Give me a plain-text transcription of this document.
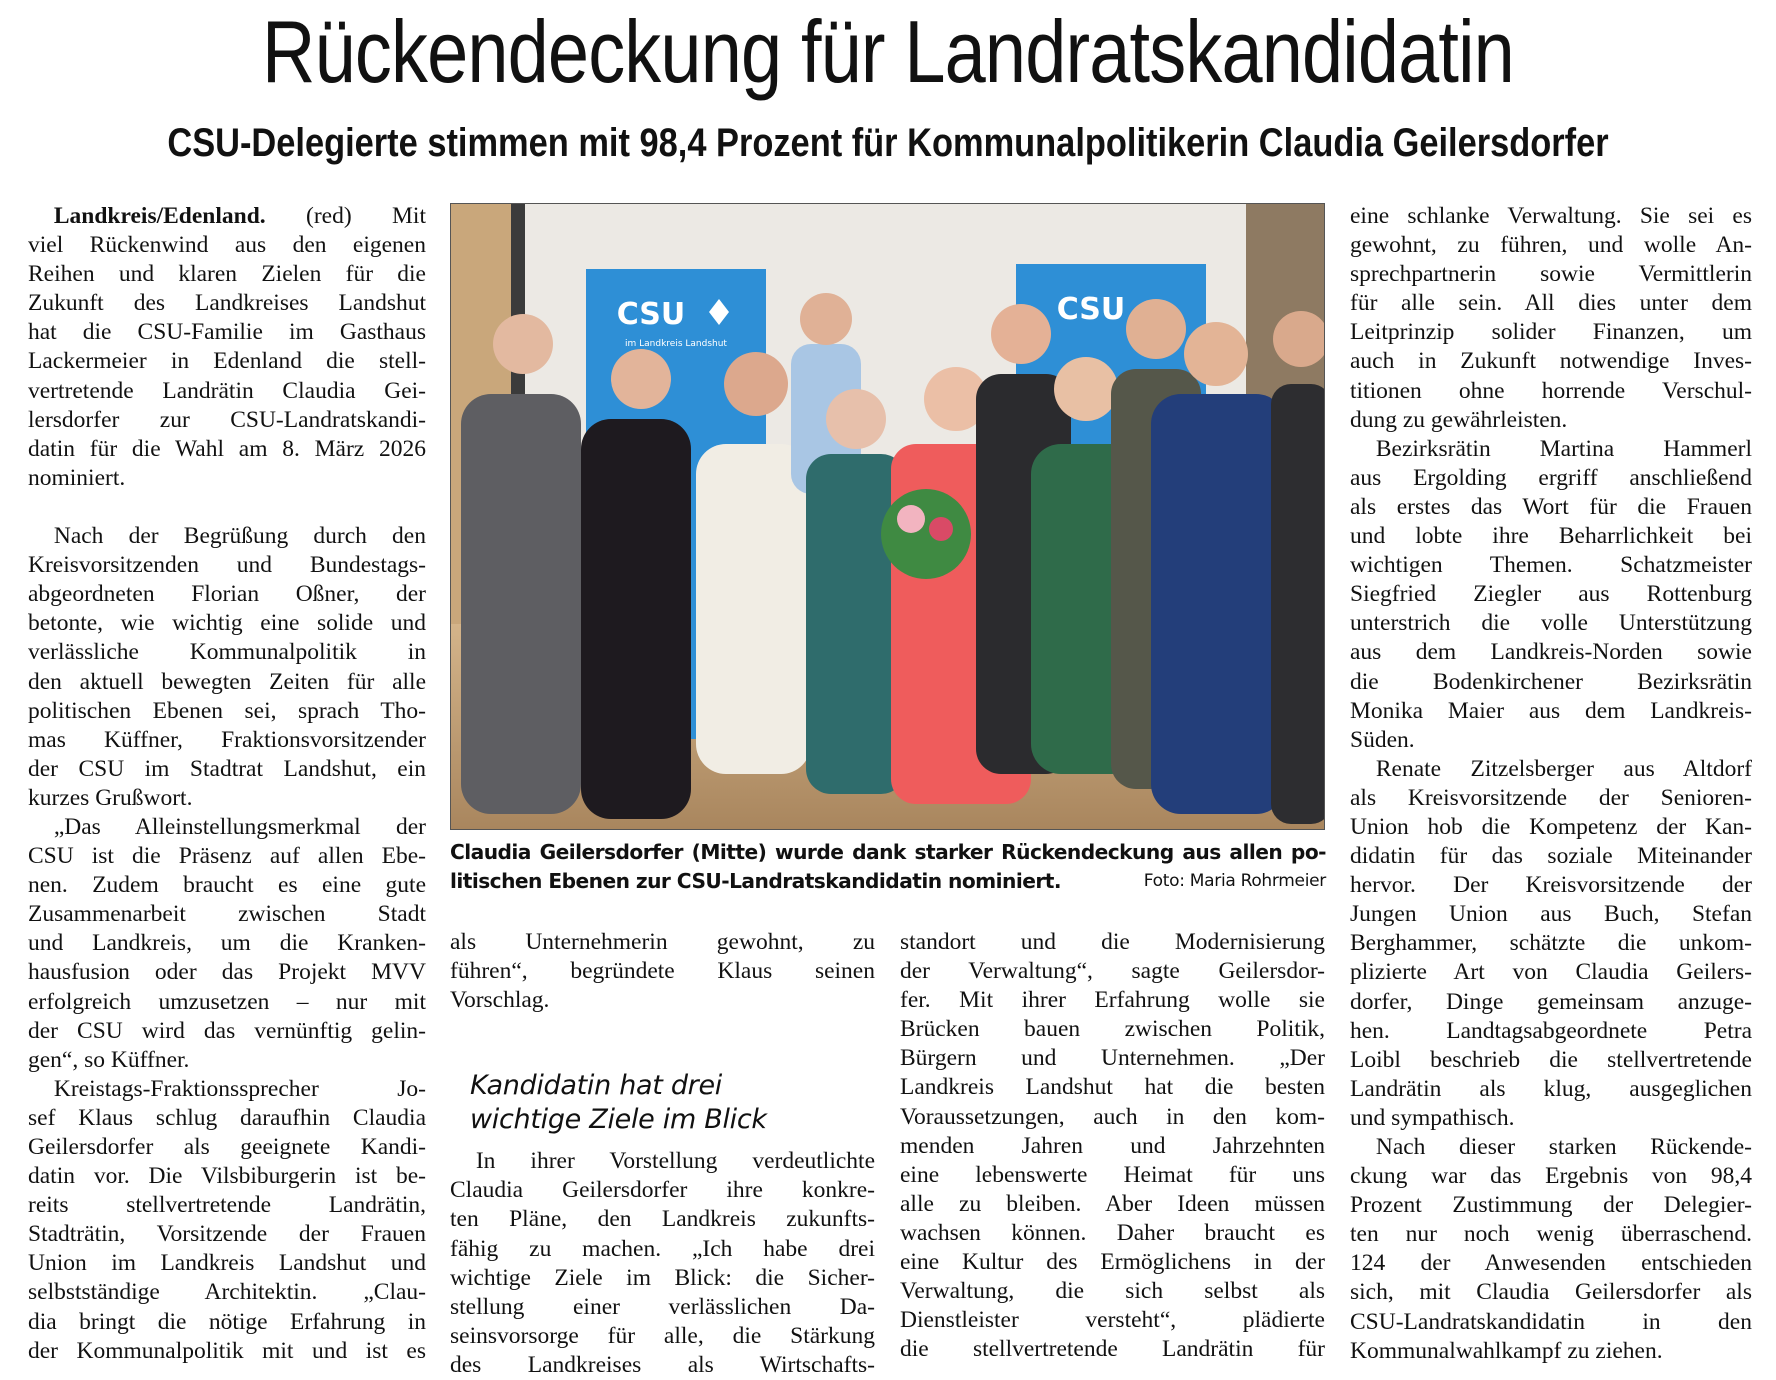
Rückendeckung für Landratskandidatin
CSU-Delegierte stimmen mit 98,4 Prozent für Kommunalpolitikerin Claudia Geilersdorfer
Landkreis/Edenland. (red) Mit
viel Rückenwind aus den eigenen
Reihen und klaren Zielen für die
Zukunft des Landkreises Landshut
hat die CSU-Familie im Gasthaus
Lackermeier in Edenland die stell-
vertretende Landrätin Claudia Gei-
lersdorfer zur CSU-Landratskandi-
datin für die Wahl am 8. März 2026
nominiert.

Nach der Begrüßung durch den
Kreisvorsitzenden und Bundestags-
abgeordneten Florian Oßner, der
betonte, wie wichtig eine solide und
verlässliche Kommunalpolitik in
den aktuell bewegten Zeiten für alle
politischen Ebenen sei, sprach Tho-
mas Küffner, Fraktionsvorsitzender
der CSU im Stadtrat Landshut, ein
kurzes Grußwort.
„Das Alleinstellungsmerkmal der
CSU ist die Präsenz auf allen Ebe-
nen. Zudem braucht es eine gute
Zusammenarbeit zwischen Stadt
und Landkreis, um die Kranken-
hausfusion oder das Projekt MVV
erfolgreich umzusetzen – nur mit
der CSU wird das vernünftig gelin-
gen“, so Küffner.
Kreistags-Fraktionssprecher Jo-
sef Klaus schlug daraufhin Claudia
Geilersdorfer als geeignete Kandi-
datin vor. Die Vilsbiburgerin ist be-
reits stellvertretende Landrätin,
Stadträtin, Vorsitzende der Frauen
Union im Landkreis Landshut und
selbstständige Architektin. „Clau-
dia bringt die nötige Erfahrung in
der Kommunalpolitik mit und ist es
CSU
im Landkreis Landshut
CSU
Claudia Geilersdorfer (Mitte) wurde dank starker Rückendeckung aus allen po-
litischen Ebenen zur CSU-Landratskandidatin nominiert.	Foto: Maria Rohrmeier
als Unternehmerin gewohnt, zu
führen“, begründete Klaus seinen
Vorschlag.
Kandidatin hat drei
wichtige Ziele im Blick
In ihrer Vorstellung verdeutlichte
Claudia Geilersdorfer ihre konkre-
ten Pläne, den Landkreis zukunfts-
fähig zu machen. „Ich habe drei
wichtige Ziele im Blick: die Sicher-
stellung einer verlässlichen Da-
seinsvorsorge für alle, die Stärkung
des Landkreises als Wirtschafts-
standort und die Modernisierung
der Verwaltung“, sagte Geilersdor-
fer. Mit ihrer Erfahrung wolle sie
Brücken bauen zwischen Politik,
Bürgern und Unternehmen. „Der
Landkreis Landshut hat die besten
Voraussetzungen, auch in den kom-
menden Jahren und Jahrzehnten
eine lebenswerte Heimat für uns
alle zu bleiben. Aber Ideen müssen
wachsen können. Daher braucht es
eine Kultur des Ermöglichens in der
Verwaltung, die sich selbst als
Dienstleister versteht“, plädierte
die stellvertretende Landrätin für
eine schlanke Verwaltung. Sie sei es
gewohnt, zu führen, und wolle An-
sprechpartnerin sowie Vermittlerin
für alle sein. All dies unter dem
Leitprinzip solider Finanzen, um
auch in Zukunft notwendige Inves-
titionen ohne horrende Verschul-
dung zu gewährleisten.
Bezirksrätin Martina Hammerl
aus Ergolding ergriff anschließend
als erstes das Wort für die Frauen
und lobte ihre Beharrlichkeit bei
wichtigen Themen. Schatzmeister
Siegfried Ziegler aus Rottenburg
unterstrich die volle Unterstützung
aus dem Landkreis-Norden sowie
die Bodenkirchener Bezirksrätin
Monika Maier aus dem Landkreis-
Süden.
Renate Zitzelsberger aus Altdorf
als Kreisvorsitzende der Senioren-
Union hob die Kompetenz der Kan-
didatin für das soziale Miteinander
hervor. Der Kreisvorsitzende der
Jungen Union aus Buch, Stefan
Berghammer, schätzte die unkom-
plizierte Art von Claudia Geilers-
dorfer, Dinge gemeinsam anzuge-
hen. Landtagsabgeordnete Petra
Loibl beschrieb die stellvertretende
Landrätin als klug, ausgeglichen
und sympathisch.
Nach dieser starken Rückende-
ckung war das Ergebnis von 98,4
Prozent Zustimmung der Delegier-
ten nur noch wenig überraschend.
124 der Anwesenden entschieden
sich, mit Claudia Geilersdorfer als
CSU-Landratskandidatin in den
Kommunalwahlkampf zu ziehen.
